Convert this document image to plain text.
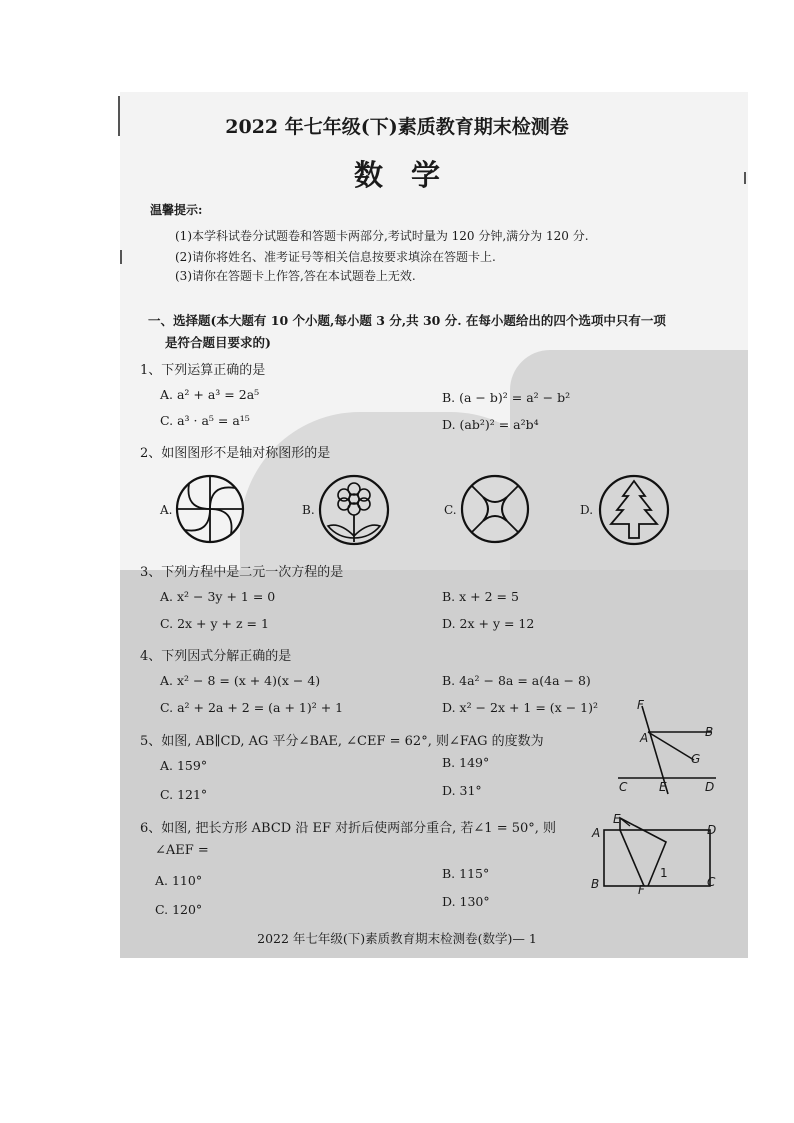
2022 年七年级(下)素质教育期末检测卷
数学
温馨提示:
(1)本学科试卷分试题卷和答题卡两部分,考试时量为 120 分钟,满分为 120 分.
(2)请你将姓名、准考证号等相关信息按要求填涂在答题卡上.
(3)请你在答题卡上作答,答在本试题卷上无效.
一、选择题(本大题有 10 个小题,每小题 3 分,共 30 分. 在每小题给出的四个选项中只有一项
是符合题目要求的)
1、下列运算正确的是
A. a² + a³ = 2a⁵	B. (a − b)² = a² − b²
C. a³ · a⁵ = a¹⁵	D. (ab²)² = a²b⁴
2、如图图形不是轴对称图形的是
A.	B.	C.	D.
3、下列方程中是二元一次方程的是
A. x² − 3y + 1 = 0	B. x + 2 = 5
C. 2x + y + z = 1	D. 2x + y = 12
4、下列因式分解正确的是
A. x² − 8 = (x + 4)(x − 4)	B. 4a² − 8a = a(4a − 8)
C. a² + 2a + 2 = (a + 1)² + 1	D. x² − 2x + 1 = (x − 1)²
5、如图, AB∥CD, AG 平分∠BAE, ∠CEF = 62°, 则∠FAG 的度数为
A. 159°	B. 149°
C. 121°	D. 31°
F
A	B
G
C	E	D
6、如图, 把长方形 ABCD 沿 EF 对折后使两部分重合, 若∠1 = 50°, 则
∠AEF =
A. 110°	B. 115°
C. 120°
D. 130°
A
E
D
B	F
C
1
2022 年七年级(下)素质教育期末检测卷(数学)— 1
